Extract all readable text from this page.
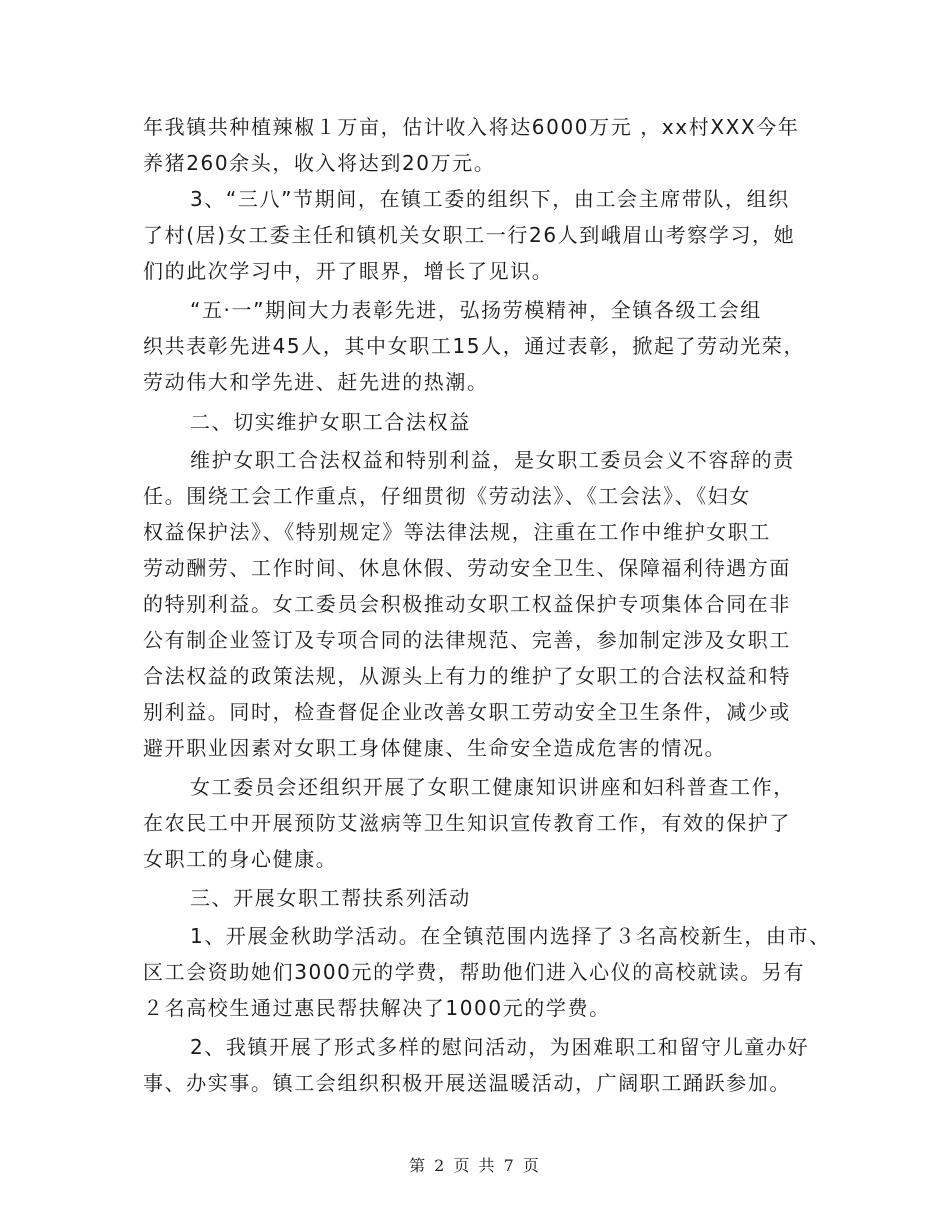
年我镇共种植辣椒１万亩，估计收入将达6000万元 ，xx村XXX今年
养猪260余头，收入将达到20万元。
3、“三八”节期间，在镇工委的组织下，由工会主席带队，组织
了村(居)女工委主任和镇机关女职工一行26人到峨眉山考察学习，她
们的此次学习中，开了眼界，增长了见识。
“五·一”期间大力表彰先进，弘扬劳模精神，全镇各级工会组
织共表彰先进45人，其中女职工15人，通过表彰，掀起了劳动光荣，
劳动伟大和学先进、赶先进的热潮。
二、切实维护女职工合法权益
维护女职工合法权益和特别利益，是女职工委员会义不容辞的责
任。围绕工会工作重点，仔细贯彻《劳动法》、《工会法》、《妇女
权益保护法》、《特别规定》等法律法规，注重在工作中维护女职工
劳动酬劳、工作时间、休息休假、劳动安全卫生、保障福利待遇方面
的特别利益。女工委员会积极推动女职工权益保护专项集体合同在非
公有制企业签订及专项合同的法律规范、完善，参加制定涉及女职工
合法权益的政策法规，从源头上有力的维护了女职工的合法权益和特
别利益。同时，检查督促企业改善女职工劳动安全卫生条件，减少或
避开职业因素对女职工身体健康、生命安全造成危害的情况。
女工委员会还组织开展了女职工健康知识讲座和妇科普查工作，
在农民工中开展预防艾滋病等卫生知识宣传教育工作，有效的保护了
女职工的身心健康。
三、开展女职工帮扶系列活动
1、开展金秋助学活动。在全镇范围内选择了３名高校新生，由市、
区工会资助她们3000元的学费，帮助他们进入心仪的高校就读。另有
２名高校生通过惠民帮扶解决了1000元的学费。
2、我镇开展了形式多样的慰问活动，为困难职工和留守儿童办好
事、办实事。镇工会组织积极开展送温暖活动，广阔职工踊跃参加。
第 2 页 共 7 页
